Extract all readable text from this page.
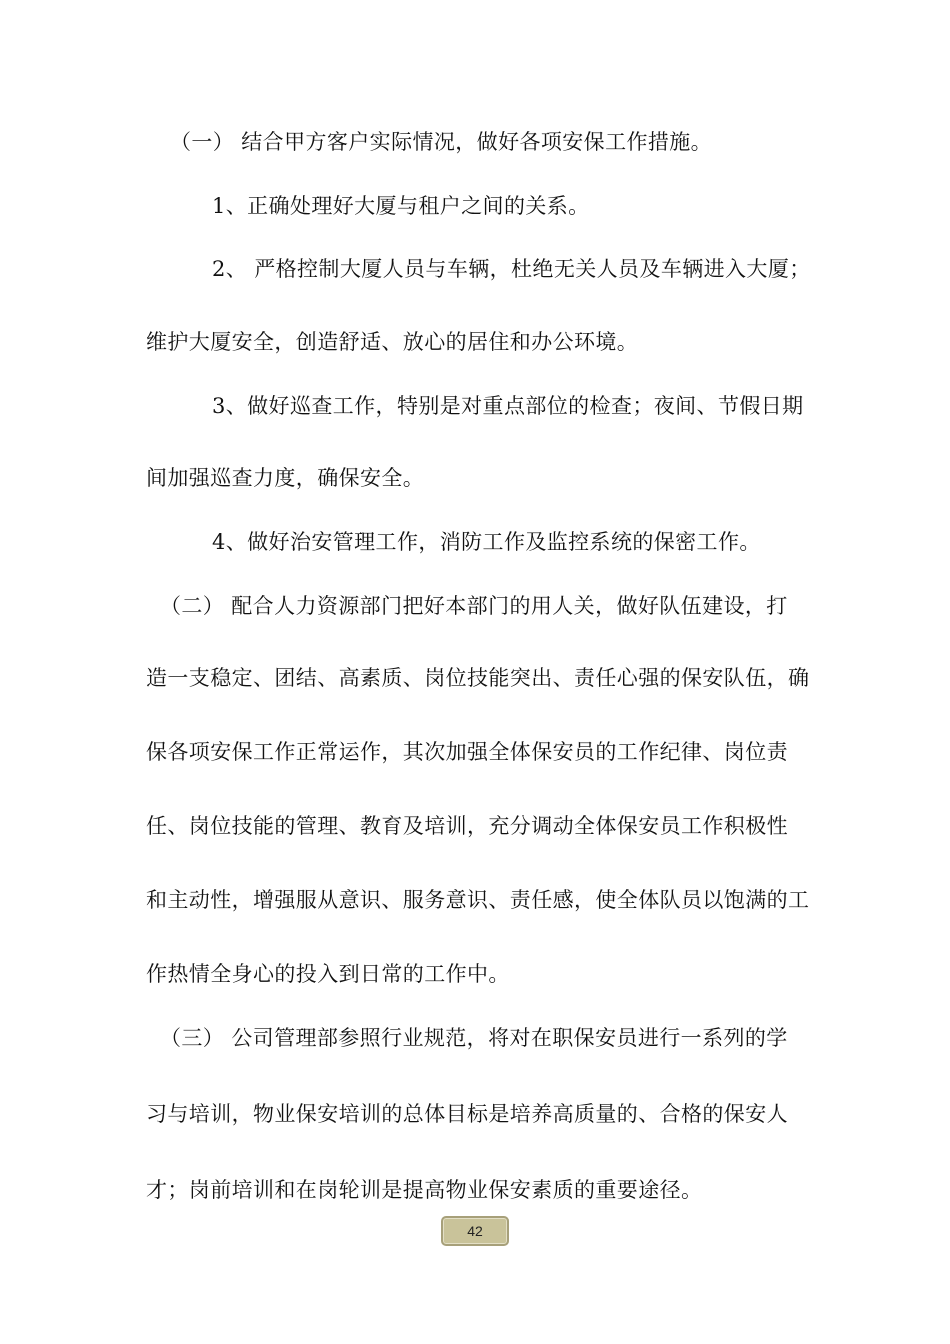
（一） 结合甲方客户实际情况，做好各项安保工作措施。
1、正确处理好大厦与租户之间的关系。
2、 严格控制大厦人员与车辆，杜绝无关人员及车辆进入大厦；
维护大厦安全，创造舒适、放心的居住和办公环境。
3、做好巡查工作，特别是对重点部位的检查；夜间、节假日期
间加强巡查力度，确保安全。
4、做好治安管理工作，消防工作及监控系统的保密工作。
（二） 配合人力资源部门把好本部门的用人关，做好队伍建设，打
造一支稳定、团结、高素质、岗位技能突出、责任心强的保安队伍，确
保各项安保工作正常运作，其次加强全体保安员的工作纪律、岗位责
任、岗位技能的管理、教育及培训，充分调动全体保安员工作积极性
和主动性，增强服从意识、服务意识、责任感，使全体队员以饱满的工
作热情全身心的投入到日常的工作中。
（三） 公司管理部参照行业规范，将对在职保安员进行一系列的学
习与培训，物业保安培训的总体目标是培养高质量的、合格的保安人
才；岗前培训和在岗轮训是提高物业保安素质的重要途径。
42
